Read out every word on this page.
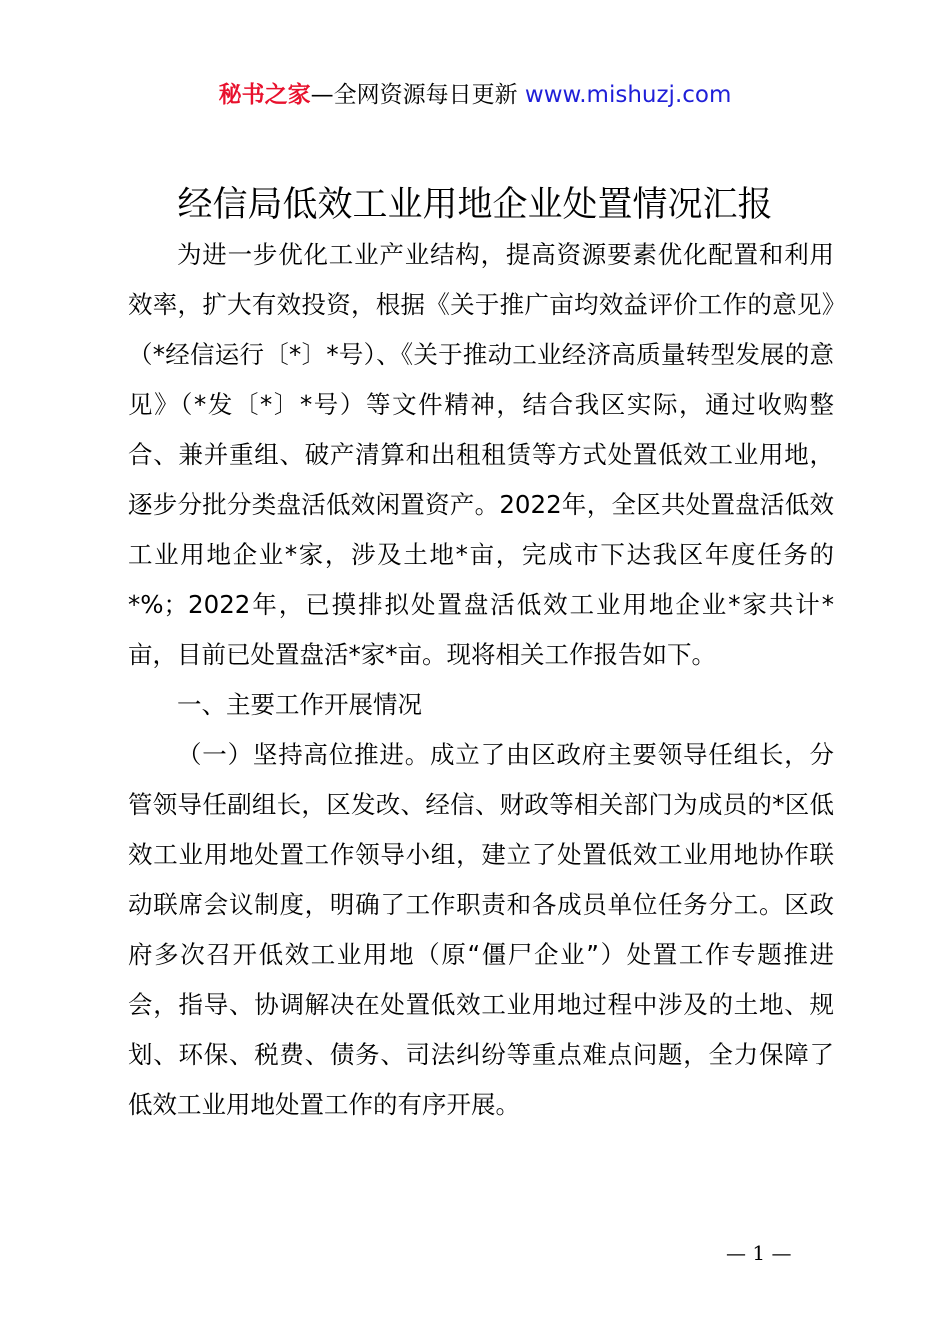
秘书之家—全网资源每日更新 www.mishuzj.com
经信局低效工业用地企业处置情况汇报

为进一步优化工业产业结构，提高资源要素优化配置和利用效率，扩大有效投资，根据《关于推广亩均效益评价工作的意见》（*经信运行〔*〕*号）、《关于推动工业经济高质量转型发展的意见》（*发〔*〕*号）等文件精神，结合我区实际，通过收购整合、兼并重组、破产清算和出租租赁等方式处置低效工业用地，逐步分批分类盘活低效闲置资产。2022年，全区共处置盘活低效工业用地企业*家，涉及土地*亩，完成市下达我区年度任务的*%；2022年，已摸排拟处置盘活低效工业用地企业*家共计*亩，目前已处置盘活*家*亩。现将相关工作报告如下。

一、主要工作开展情况

（一）坚持高位推进。成立了由区政府主要领导任组长，分管领导任副组长，区发改、经信、财政等相关部门为成员的*区低效工业用地处置工作领导小组，建立了处置低效工业用地协作联动联席会议制度，明确了工作职责和各成员单位任务分工。区政府多次召开低效工业用地（原“僵尸企业”）处置工作专题推进会，指导、协调解决在处置低效工业用地过程中涉及的土地、规划、环保、税费、债务、司法纠纷等重点难点问题，全力保障了低效工业用地处置工作的有序开展。

— 1 —
